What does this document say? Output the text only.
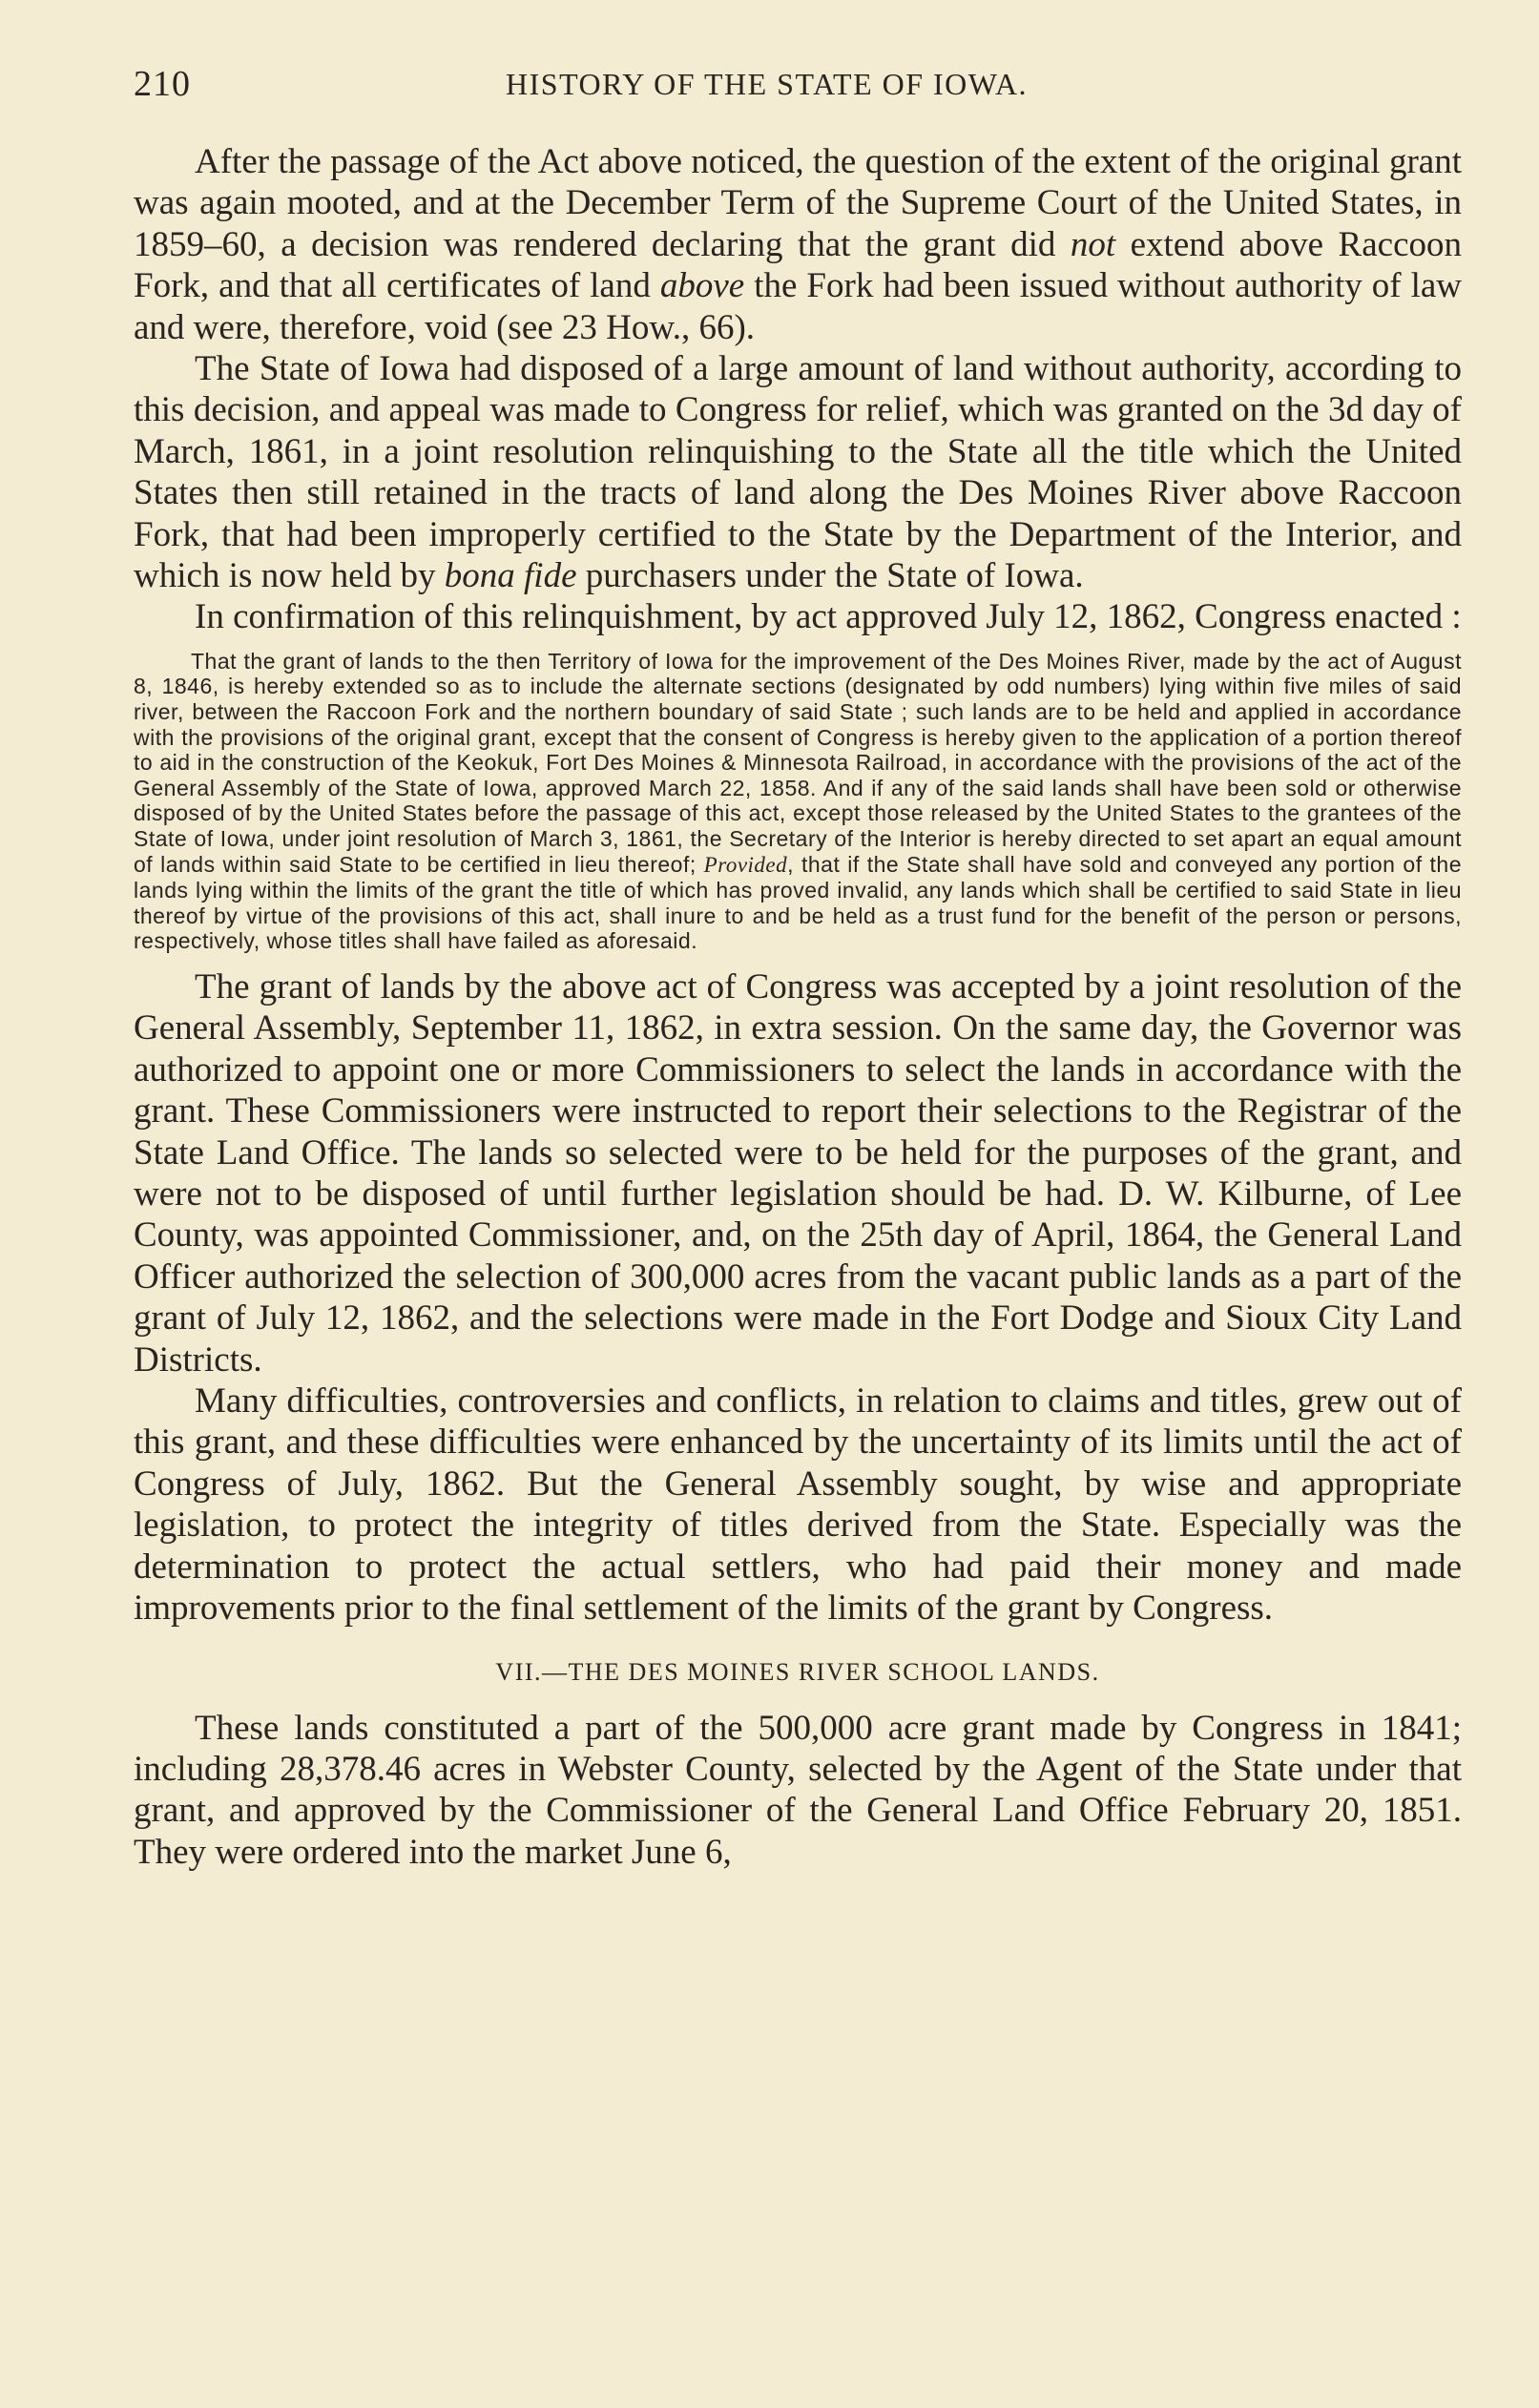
210	HISTORY OF THE STATE OF IOWA.

After the passage of the Act above noticed, the question of the extent of the original grant was again mooted, and at the December Term of the Supreme Court of the United States, in 1859–60, a decision was rendered declaring that the grant did not extend above Raccoon Fork, and that all certificates of land above the Fork had been issued without authority of law and were, therefore, void (see 23 How., 66).

The State of Iowa had disposed of a large amount of land without authority, according to this decision, and appeal was made to Congress for relief, which was granted on the 3d day of March, 1861, in a joint resolution relinquishing to the State all the title which the United States then still retained in the tracts of land along the Des Moines River above Raccoon Fork, that had been improperly certified to the State by the Department of the Interior, and which is now held by bona fide purchasers under the State of Iowa.

In confirmation of this relinquishment, by act approved July 12, 1862, Congress enacted :

That the grant of lands to the then Territory of Iowa for the improvement of the Des Moines River, made by the act of August 8, 1846, is hereby extended so as to include the alternate sections (designated by odd numbers) lying within five miles of said river, between the Raccoon Fork and the northern boundary of said State ; such lands are to be held and applied in accordance with the provisions of the original grant, except that the consent of Congress is hereby given to the application of a portion thereof to aid in the construction of the Keokuk, Fort Des Moines & Minnesota Railroad, in accordance with the provisions of the act of the General Assembly of the State of Iowa, approved March 22, 1858. And if any of the said lands shall have been sold or otherwise disposed of by the United States before the passage of this act, except those released by the United States to the grantees of the State of Iowa, under joint resolution of March 3, 1861, the Secretary of the Interior is hereby directed to set apart an equal amount of lands within said State to be certified in lieu thereof; Provided, that if the State shall have sold and conveyed any portion of the lands lying within the limits of the grant the title of which has proved invalid, any lands which shall be certified to said State in lieu thereof by virtue of the provisions of this act, shall inure to and be held as a trust fund for the benefit of the person or persons, respectively, whose titles shall have failed as aforesaid.

The grant of lands by the above act of Congress was accepted by a joint resolution of the General Assembly, September 11, 1862, in extra session. On the same day, the Governor was authorized to appoint one or more Commissioners to select the lands in accordance with the grant. These Commissioners were instructed to report their selections to the Registrar of the State Land Office. The lands so selected were to be held for the purposes of the grant, and were not to be disposed of until further legislation should be had. D. W. Kilburne, of Lee County, was appointed Commissioner, and, on the 25th day of April, 1864, the General Land Officer authorized the selection of 300,000 acres from the vacant public lands as a part of the grant of July 12, 1862, and the selections were made in the Fort Dodge and Sioux City Land Districts.

Many difficulties, controversies and conflicts, in relation to claims and titles, grew out of this grant, and these difficulties were enhanced by the uncertainty of its limits until the act of Congress of July, 1862. But the General Assembly sought, by wise and appropriate legislation, to protect the integrity of titles derived from the State. Especially was the determination to protect the actual settlers, who had paid their money and made improvements prior to the final settlement of the limits of the grant by Congress.

VII.—THE DES MOINES RIVER SCHOOL LANDS.

These lands constituted a part of the 500,000 acre grant made by Congress in 1841; including 28,378.46 acres in Webster County, selected by the Agent of the State under that grant, and approved by the Commissioner of the General Land Office February 20, 1851. They were ordered into the market June 6,
